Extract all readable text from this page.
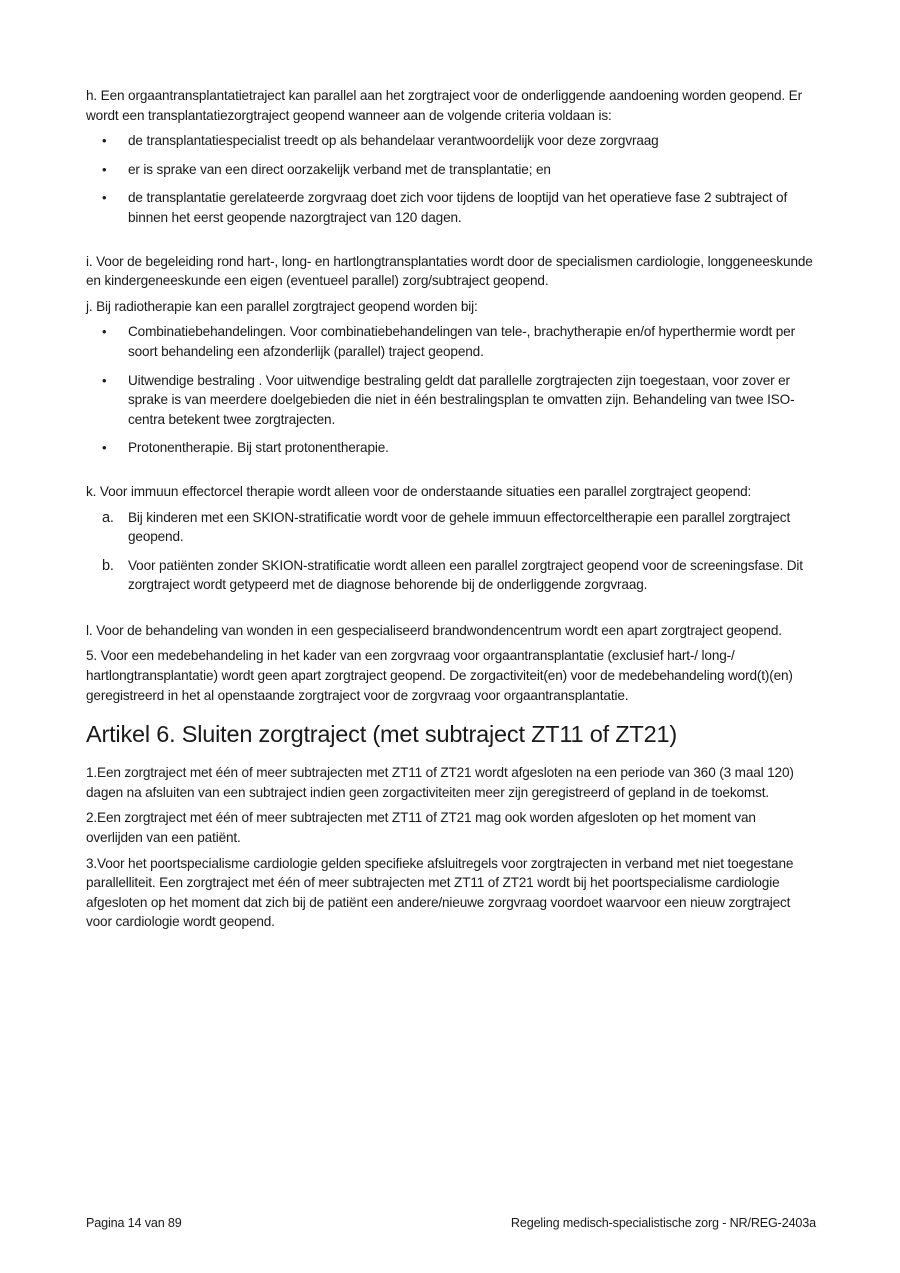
h. Een orgaantransplantatietraject kan parallel aan het zorgtraject voor de onderliggende aandoening worden geopend. Er wordt een transplantatiezorgtraject geopend wanneer aan de volgende criteria voldaan is:

• de transplantatiespecialist treedt op als behandelaar verantwoordelijk voor deze zorgvraag
• er is sprake van een direct oorzakelijk verband met de transplantatie; en
• de transplantatie gerelateerde zorgvraag doet zich voor tijdens de looptijd van het operatieve fase 2 subtraject of binnen het eerst geopende nazorgtraject van 120 dagen.

i. Voor de begeleiding rond hart-, long- en hartlongtransplantaties wordt door de specialismen cardiologie, longgeneeskunde en kindergeneeskunde een eigen (eventueel parallel) zorg/subtraject geopend.

j. Bij radiotherapie kan een parallel zorgtraject geopend worden bij:

• Combinatiebehandelingen. Voor combinatiebehandelingen van tele-, brachytherapie en/of hyperthermie wordt per soort behandeling een afzonderlijk (parallel) traject geopend.
• Uitwendige bestraling . Voor uitwendige bestraling geldt dat parallelle zorgtrajecten zijn toegestaan, voor zover er sprake is van meerdere doelgebieden die niet in één bestralingsplan te omvatten zijn. Behandeling van twee ISO-centra betekent twee zorgtrajecten.
• Protonentherapie. Bij start protonentherapie.

k. Voor immuun effectorcel therapie wordt alleen voor de onderstaande situaties een parallel zorgtraject geopend:

a. Bij kinderen met een SKION-stratificatie wordt voor de gehele immuun effectorceltherapie een parallel zorgtraject geopend.
b. Voor patiënten zonder SKION-stratificatie wordt alleen een parallel zorgtraject geopend voor de screeningsfase. Dit zorgtraject wordt getypeerd met de diagnose behorende bij de onderliggende zorgvraag.

l. Voor de behandeling van wonden in een gespecialiseerd brandwondencentrum wordt een apart zorgtraject geopend.

5. Voor een medebehandeling in het kader van een zorgvraag voor orgaantransplantatie (exclusief hart-/ long-/ hartlongtransplantatie) wordt geen apart zorgtraject geopend. De zorgactiviteit(en) voor de medebehandeling word(t)(en) geregistreerd in het al openstaande zorgtraject voor de zorgvraag voor orgaantransplantatie.

Artikel 6. Sluiten zorgtraject (met subtraject ZT11 of ZT21)

1.Een zorgtraject met één of meer subtrajecten met ZT11 of ZT21 wordt afgesloten na een periode van 360 (3 maal 120) dagen na afsluiten van een subtraject indien geen zorgactiviteiten meer zijn geregistreerd of gepland in de toekomst.

2.Een zorgtraject met één of meer subtrajecten met ZT11 of ZT21 mag ook worden afgesloten op het moment van overlijden van een patiënt.

3.Voor het poortspecialisme cardiologie gelden specifieke afsluitregels voor zorgtrajecten in verband met niet toegestane parallelliteit. Een zorgtraject met één of meer subtrajecten met ZT11 of ZT21 wordt bij het poortspecialisme cardiologie afgesloten op het moment dat zich bij de patiënt een andere/nieuwe zorgvraag voordoet waarvoor een nieuw zorgtraject voor cardiologie wordt geopend.

Pagina 14 van 89	Regeling medisch-specialistische zorg - NR/REG-2403a
